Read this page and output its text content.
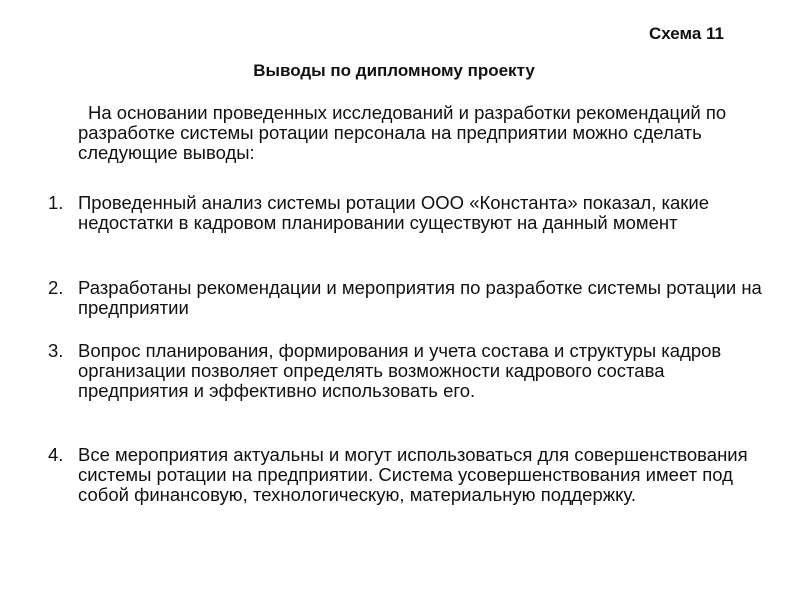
Схема 11
Выводы по дипломному проекту

На основании проведенных исследований и разработки рекомендаций по разработке системы ротации персонала на предприятии можно сделать следующие выводы:

1. Проведенный анализ системы ротации ООО «Константа» показал, какие недостатки в кадровом планировании существуют на данный момент
2. Разработаны рекомендации и мероприятия по разработке системы ротации на предприятии
3. Вопрос планирования, формирования и учета состава и структуры кадров организации позволяет определять возможности кадрового состава предприятия и эффективно использовать его.
4. Все мероприятия актуальны и могут использоваться для совершенствования системы ротации на предприятии. Система усовершенствования имеет под собой финансовую, технологическую, материальную поддержку.
